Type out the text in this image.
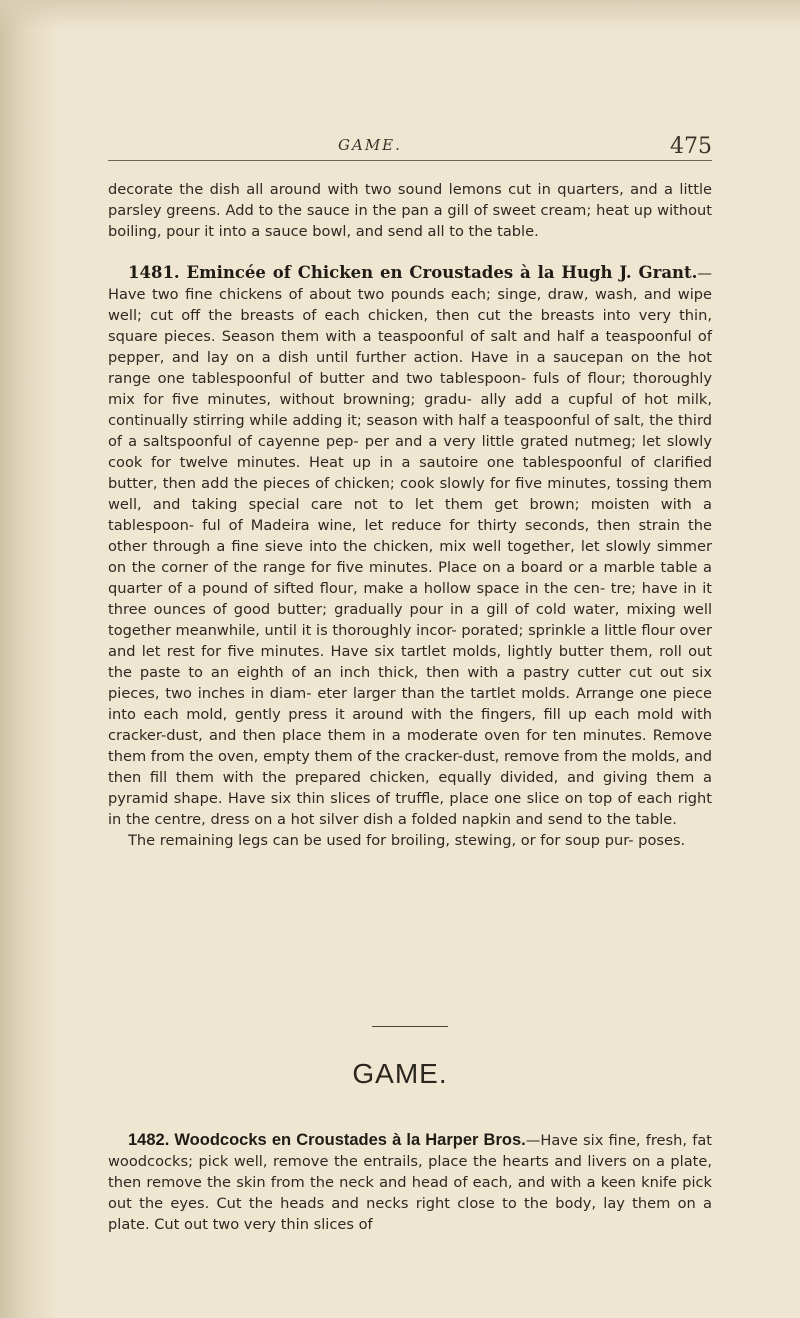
GAME.	475

decorate the dish all around with two sound lemons cut in quarters, and a little parsley greens. Add to the sauce in the pan a gill of sweet cream; heat up without boiling, pour it into a sauce bowl, and send all to the table.

1481. Emincée of Chicken en Croustades à la Hugh J. Grant.—Have two fine chickens of about two pounds each; singe, draw, wash, and wipe well; cut off the breasts of each chicken, then cut the breasts into very thin, square pieces. Season them with a teaspoonful of salt and half a teaspoonful of pepper, and lay on a dish until further action. Have in a saucepan on the hot range one tablespoonful of butter and two tablespoon- fuls of flour; thoroughly mix for five minutes, without browning; gradu- ally add a cupful of hot milk, continually stirring while adding it; season with half a teaspoonful of salt, the third of a saltspoonful of cayenne pep- per and a very little grated nutmeg; let slowly cook for twelve minutes. Heat up in a sautoire one tablespoonful of clarified butter, then add the pieces of chicken; cook slowly for five minutes, tossing them well, and taking special care not to let them get brown; moisten with a tablespoon- ful of Madeira wine, let reduce for thirty seconds, then strain the other through a fine sieve into the chicken, mix well together, let slowly simmer on the corner of the range for five minutes. Place on a board or a marble table a quarter of a pound of sifted flour, make a hollow space in the cen- tre; have in it three ounces of good butter; gradually pour in a gill of cold water, mixing well together meanwhile, until it is thoroughly incor- porated; sprinkle a little flour over and let rest for five minutes. Have six tartlet molds, lightly butter them, roll out the paste to an eighth of an inch thick, then with a pastry cutter cut out six pieces, two inches in diam- eter larger than the tartlet molds. Arrange one piece into each mold, gently press it around with the fingers, fill up each mold with cracker-dust, and then place them in a moderate oven for ten minutes. Remove them from the oven, empty them of the cracker-dust, remove from the molds, and then fill them with the prepared chicken, equally divided, and giving them a pyramid shape. Have six thin slices of truffle, place one slice on top of each right in the centre, dress on a hot silver dish a folded napkin and send to the table.

The remaining legs can be used for broiling, stewing, or for soup pur- poses.

GAME.

1482. Woodcocks en Croustades à la Harper Bros.—Have six fine, fresh, fat woodcocks; pick well, remove the entrails, place the hearts and livers on a plate, then remove the skin from the neck and head of each, and with a keen knife pick out the eyes. Cut the heads and necks right close to the body, lay them on a plate. Cut out two very thin slices of
